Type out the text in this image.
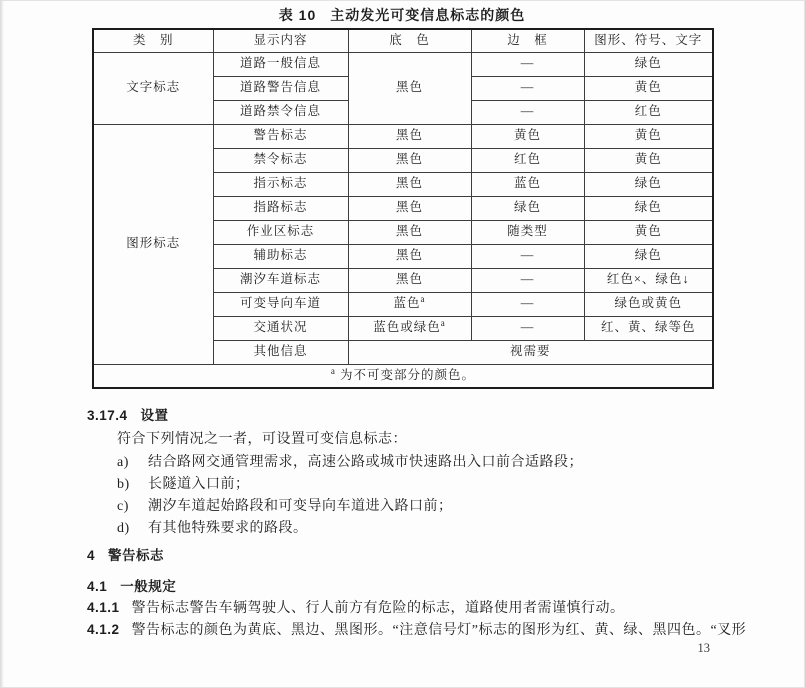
表 10 主动发光可变信息标志的颜色
类　别	显示内容	底　色	边　框	图形、符号、文字
文字标志	道路一般信息	黑色	—	绿色
	道路警告信息		—	黄色
	道路禁令信息		—	红色
图形标志	警告标志	黑色	黄色	黄色
	禁令标志	黑色	红色	黄色
	指示标志	黑色	蓝色	绿色
	指路标志	黑色	绿色	绿色
	作业区标志	黑色	随类型	黄色
	辅助标志	黑色	—	绿色
	潮汐车道标志	黑色	—	红色×、绿色↓
	可变导向车道	蓝色$^a$	—	绿色或黄色
	交通状况	蓝色或绿色$^a$	—	红、黄、绿等色
	其他信息	视需要		
$^a$ 为不可变部分的颜色。				
3.17.4 设置
符合下列情况之一者，可设置可变信息标志：
a) 结合路网交通管理需求，高速公路或城市快速路出入口前合适路段；
b) 长隧道入口前；
c) 潮汐车道起始路段和可变导向车道进入路口前；
d) 有其他特殊要求的路段。
4 警告标志
4.1 一般规定
4.1.1 警告标志警告车辆驾驶人、行人前方有危险的标志，道路使用者需谨慎行动。
4.1.2 警告标志的颜色为黄底、黑边、黑图形。“注意信号灯”标志的图形为红、黄、绿、黑四色。“叉形
13
